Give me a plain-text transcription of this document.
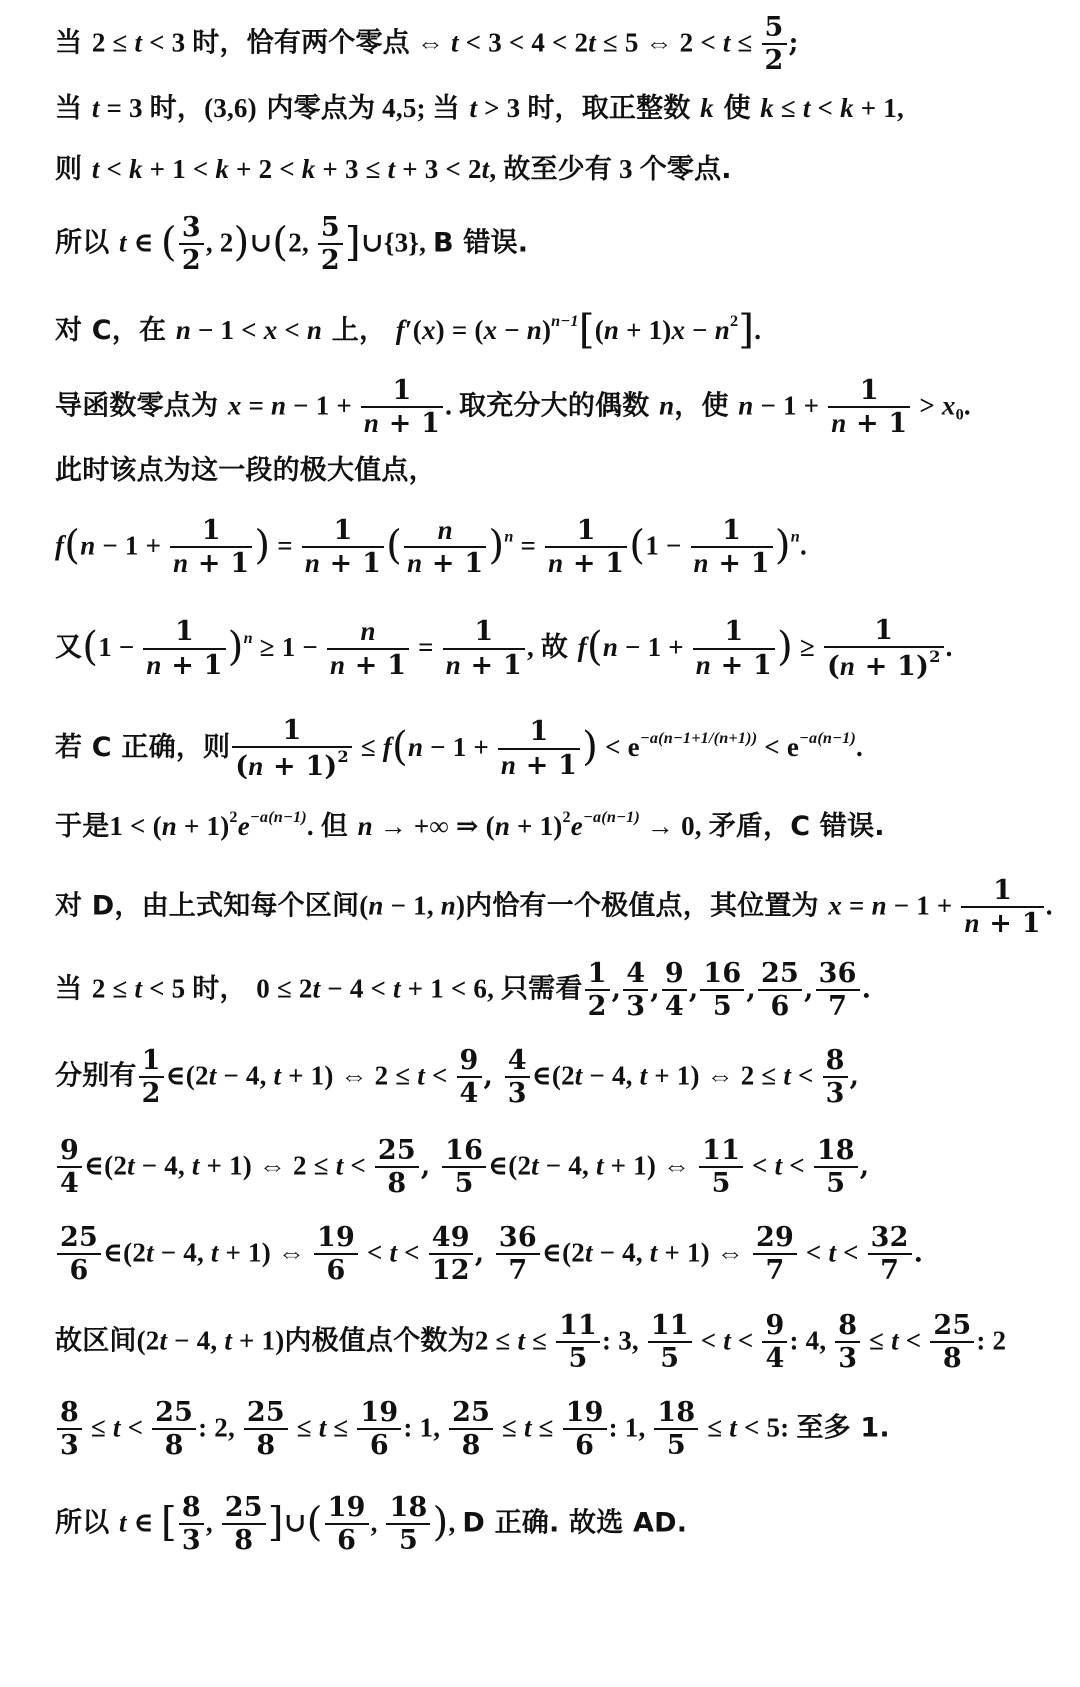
当 2 ≤ t < 3 时，恰有两个零点 ⇔ t < 3 < 4 < 2t ≤ 5 ⇔ $2 < t \le \frac{5}{2}$ ;
当 t = 3 时，(3,6) 内零点为 4,5; 当 t > 3 时，取正整数 k 使 k ≤ t < k + 1,
则 t < k + 1 < k + 2 < k + 3 ≤ t + 3 < 2t, 故至少有 3 个零点.
所以 t ∈ ( $\frac{3}{2}$ , 2)∪(2, $\frac{5}{2}$ ]∪{3}, B 错误.
对 C，在 n − 1 < x < n 上， $f'(x) = (x - n)^{n-1}[(n + 1)x - n^2]$.
导函数零点为 $x = n - 1 + \frac{1}{n + 1}$ . 取充分大的偶数 n，使 $n - 1 + \frac{1}{n + 1} > x_0$.
此时该点为这一段的极大值点，
$f(n - 1 + \frac{1}{n + 1}$ ) = $\frac{1}{n + 1}$ ( $\frac{n}{n + 1} )^n = \frac{1}{n + 1} (1 - \frac{1}{n + 1} )^n$.
又$(1 - \frac{1}{n + 1} )^n \ge 1 - \frac{n}{n + 1} = \frac{1}{n + 1}$ , 故 $f(n - 1 + \frac{1}{n + 1}$ ) ≥ $\frac{1}{(n + 1)^2}$ .
若 C 正确，则 $\frac{1}{(n + 1)^2} \le f(n - 1 + \frac{1}{n + 1}$ ) < $e^{-a(n-1+1/(n+1))} < e^{-a(n-1)}$.
于是$1 < (n + 1)^2e^{-a(n-1)}$. 但 n → +∞ ⇒ $(n + 1)^2e^{-a(n-1)} \to 0$, 矛盾，C 错误.
对 D，由上式知每个区间(n − 1, n)内恰有一个极值点，其位置为 $x = n - 1 + \frac{1}{n + 1}$ .
当 2 ≤ t < 5 时， 0 ≤ 2t − 4 < t + 1 < 6, 只需看 $\frac{1}{2}$ , $\frac{4}{3}$ , $\frac{9}{4}$ , $\frac{16}{5}$ , $\frac{25}{6}$ , $\frac{36}{7}$ .
分别有 $\frac{1}{2}$ ∈(2t − 4, t + 1) ⇔ $2 \le t < \frac{9}{4}$ , $\frac{4}{3}$ ∈(2t − 4, t + 1) ⇔ $2 \le t < \frac{8}{3}$ ,
$\frac{9}{4}$ ∈(2t − 4, t + 1) ⇔ $2 \le t < \frac{25}{8}$ , $\frac{16}{5}$ ∈(2t − 4, t + 1) ⇔ $\frac{11}{5} < t < \frac{18}{5}$ ,
$\frac{25}{6}$ ∈(2t − 4, t + 1) ⇔ $\frac{19}{6} < t < \frac{49}{12}$ , $\frac{36}{7}$ ∈(2t − 4, t + 1) ⇔ $\frac{29}{7} < t < \frac{32}{7}$ .
故区间(2t − 4, t + 1)内极值点个数为$2 \le t \le \frac{11}{5}$ : 3, $\frac{11}{5} < t < \frac{9}{4}$ : 4, $\frac{8}{3} \le t < \frac{25}{8}$ : 2
$\frac{8}{3} \le t < \frac{25}{8}$ : 2, $\frac{25}{8} \le t \le \frac{19}{6}$ : 1, $\frac{25}{8} \le t \le \frac{19}{6}$ : 1, $\frac{18}{5} \le t < 5$: 至多 1.
所以 t ∈ [ $\frac{8}{3}$ , $\frac{25}{8}$ ]∪( $\frac{19}{6}$ , $\frac{18}{5}$ ), D 正确. 故选 AD.
